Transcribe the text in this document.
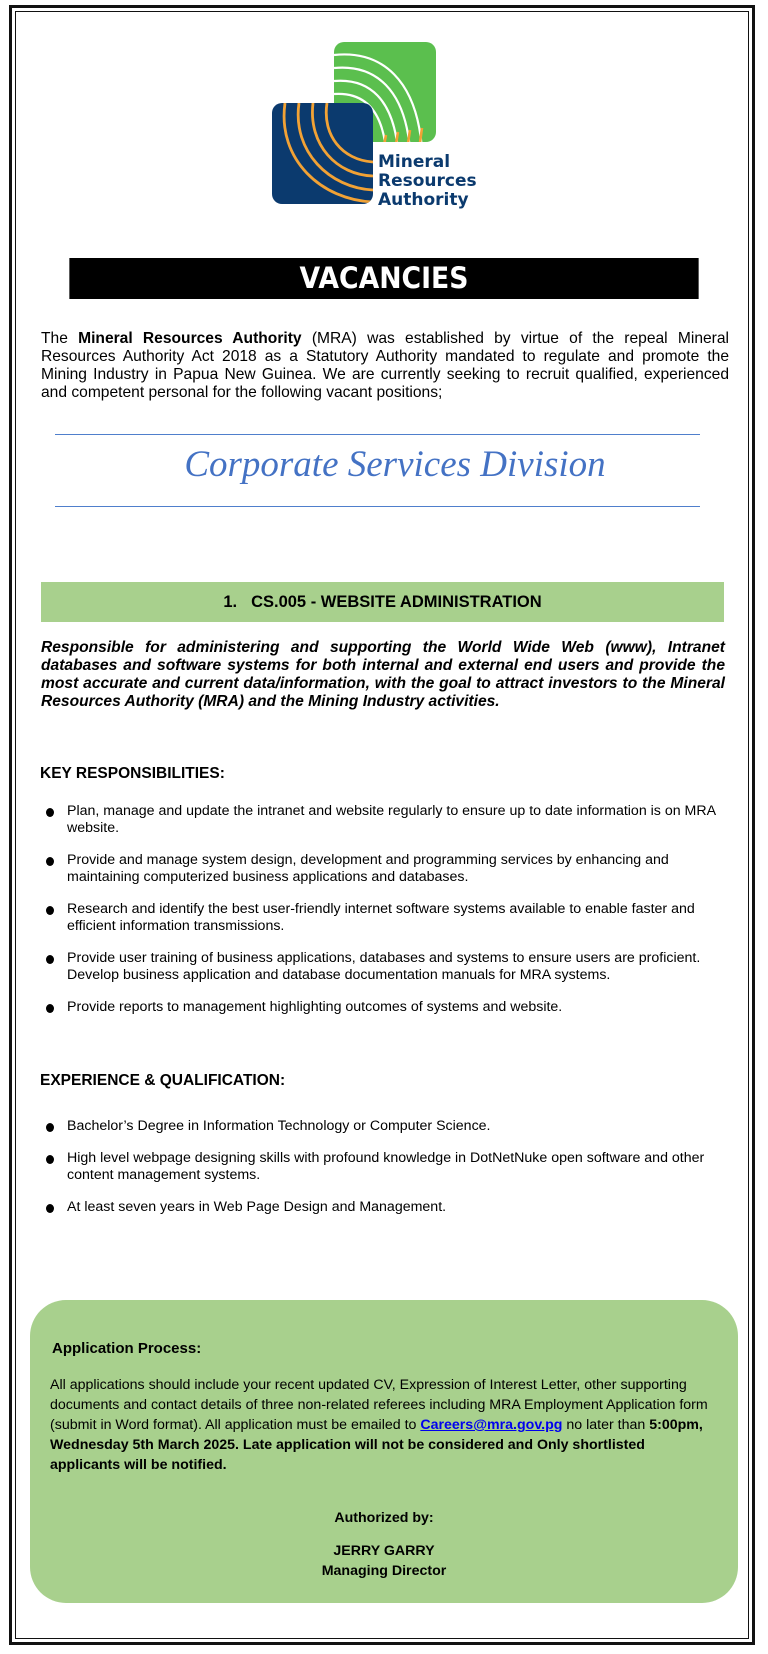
Mineral
Resources
Authority
VACANCIES
The Mineral Resources Authority (MRA) was established by virtue of the repeal Mineral Resources Authority Act 2018 as a Statutory Authority mandated to regulate and promote the Mining Industry in Papua New Guinea. We are currently seeking to recruit qualified, experienced and competent personal for the following vacant positions;
Corporate Services Division
1. CS.005 - WEBSITE ADMINISTRATION
Responsible for administering and supporting the World Wide Web (www), Intranet databases and software systems for both internal and external end users and provide the most accurate and current data/information, with the goal to attract investors to the Mineral Resources Authority (MRA) and the Mining Industry activities.
KEY RESPONSIBILITIES:
Plan, manage and update the intranet and website regularly to ensure up to date information is on MRA website.
Provide and manage system design, development and programming services by enhancing and maintaining computerized business applications and databases.
Research and identify the best user-friendly internet software systems available to enable faster and efficient information transmissions.
Provide user training of business applications, databases and systems to ensure users are proficient. Develop business application and database documentation manuals for MRA systems.
Provide reports to management highlighting outcomes of systems and website.
EXPERIENCE & QUALIFICATION:
Bachelor’s Degree in Information Technology or Computer Science.
High level webpage designing skills with profound knowledge in DotNetNuke open software and other content management systems.
At least seven years in Web Page Design and Management.
Application Process:
All applications should include your recent updated CV, Expression of Interest Letter, other supporting documents and contact details of three non-related referees including MRA Employment Application form (submit in Word format). All application must be emailed to Careers@mra.gov.pg no later than 5:00pm, Wednesday 5th March 2025. Late application will not be considered and Only shortlisted applicants will be notified.
Authorized by:
JERRY GARRY
Managing Director
